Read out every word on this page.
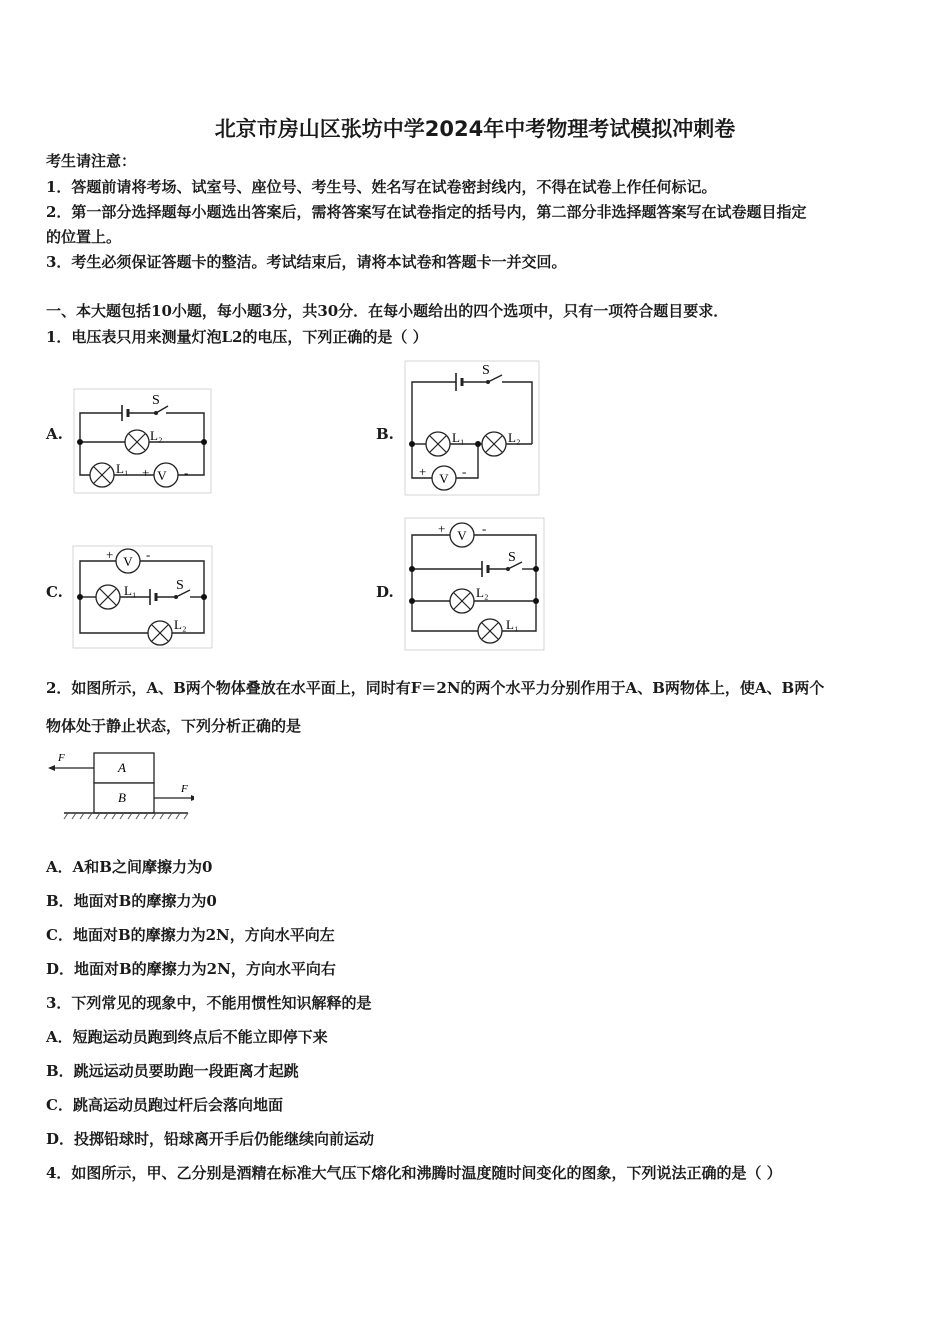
北京市房山区张坊中学2024年中考物理考试模拟冲刺卷
考生请注意：
1．答题前请将考场、试室号、座位号、考生号、姓名写在试卷密封线内，不得在试卷上作任何标记。
2．第一部分选择题每小题选出答案后，需将答案写在试卷指定的括号内，第二部分非选择题答案写在试卷题目指定
的位置上。
3．考生必须保证答题卡的整洁。考试结束后，请将本试卷和答题卡一并交回。
一、本大题包括10小题，每小题3分，共30分．在每小题给出的四个选项中，只有一项符合题目要求．
1．电压表只用来测量灯泡L2的电压，下列正确的是（ ）
A.	B.
C.	D.
S
L₂
L₁ V
+	-
S
L₁	L₂
V
+	-
V
+	-
L₁	S
L₂
V
+	-
S
L₂
L₁
2．如图所示，A、B两个物体叠放在水平面上，同时有F＝2N的两个水平力分别作用于A、B两物体上，使A、B两个
物体处于静止状态，下列分析正确的是
A
B
F
F
A．A和B之间摩擦力为0
B．地面对B的摩擦力为0
C．地面对B的摩擦力为2N，方向水平向左
D．地面对B的摩擦力为2N，方向水平向右
3．下列常见的现象中，不能用惯性知识解释的是
A．短跑运动员跑到终点后不能立即停下来
B．跳远运动员要助跑一段距离才起跳
C．跳高运动员跑过杆后会落向地面
D．投掷铅球时，铅球离开手后仍能继续向前运动
4．如图所示，甲、乙分别是酒精在标准大气压下熔化和沸腾时温度随时间变化的图象，下列说法正确的是（ ）
